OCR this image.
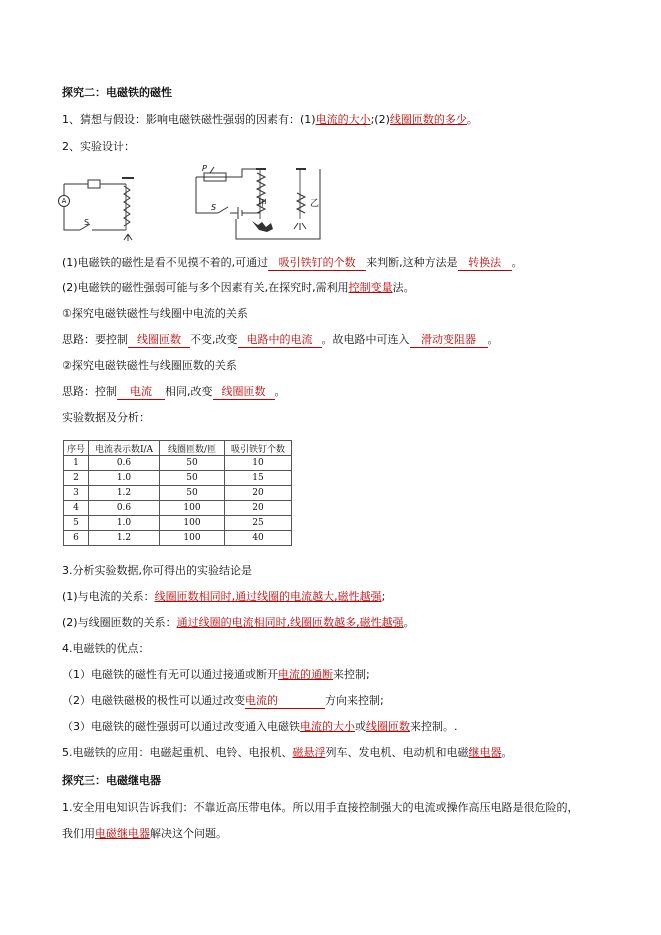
探究二：电磁铁的磁性
1、猜想与假设：影响电磁铁磁性强弱的因素有：(1)电流的大小;(2)线圈匝数的多少。
2、实验设计：
A
S
P
S	甲	乙
(1)电磁铁的磁性是看不见摸不着的,可通过 吸引铁钉的个数 来判断,这种方法是 转换法 。
(2)电磁铁的磁性强弱可能与多个因素有关,在探究时,需利用控制变量法。
①探究电磁铁磁性与线圈中电流的关系
思路：要控制 线圈匝数 不变,改变 电路中的电流 。故电路中可连入 滑动变阻器 。
②探究电磁铁磁性与线圈匝数的关系
思路：控制 电流 相同,改变 线圈匝数 。
实验数据及分析：
序号	电流表示数I/A	线圈匝数/匝	吸引铁钉个数
1	0.6	50	10
2	1.0	50	15
3	1.2	50	20
4	0.6	100	20
5	1.0	100	25
6	1.2	100	40
3.分析实验数据,你可得出的实验结论是
(1)与电流的关系：线圈匝数相同时,通过线圈的电流越大,磁性越强;
(2)与线圈匝数的关系：通过线圈的电流相同时,线圈匝数越多,磁性越强。
4.电磁铁的优点：
（1）电磁铁的磁性有无可以通过接通或断开电流的通断来控制;
（2）电磁铁磁极的极性可以通过改变电流的	方向来控制;
（3）电磁铁的磁性强弱可以通过改变通入电磁铁电流的大小或线圈匝数来控制。.
5.电磁铁的应用：电磁起重机、电铃、电报机、磁悬浮列车、发电机、电动机和电磁继电器。
探究三：电磁继电器
1.安全用电知识告诉我们：不靠近高压带电体。所以用手直接控制强大的电流或操作高压电路是很危险的，
我们用电磁继电器解决这个问题。
